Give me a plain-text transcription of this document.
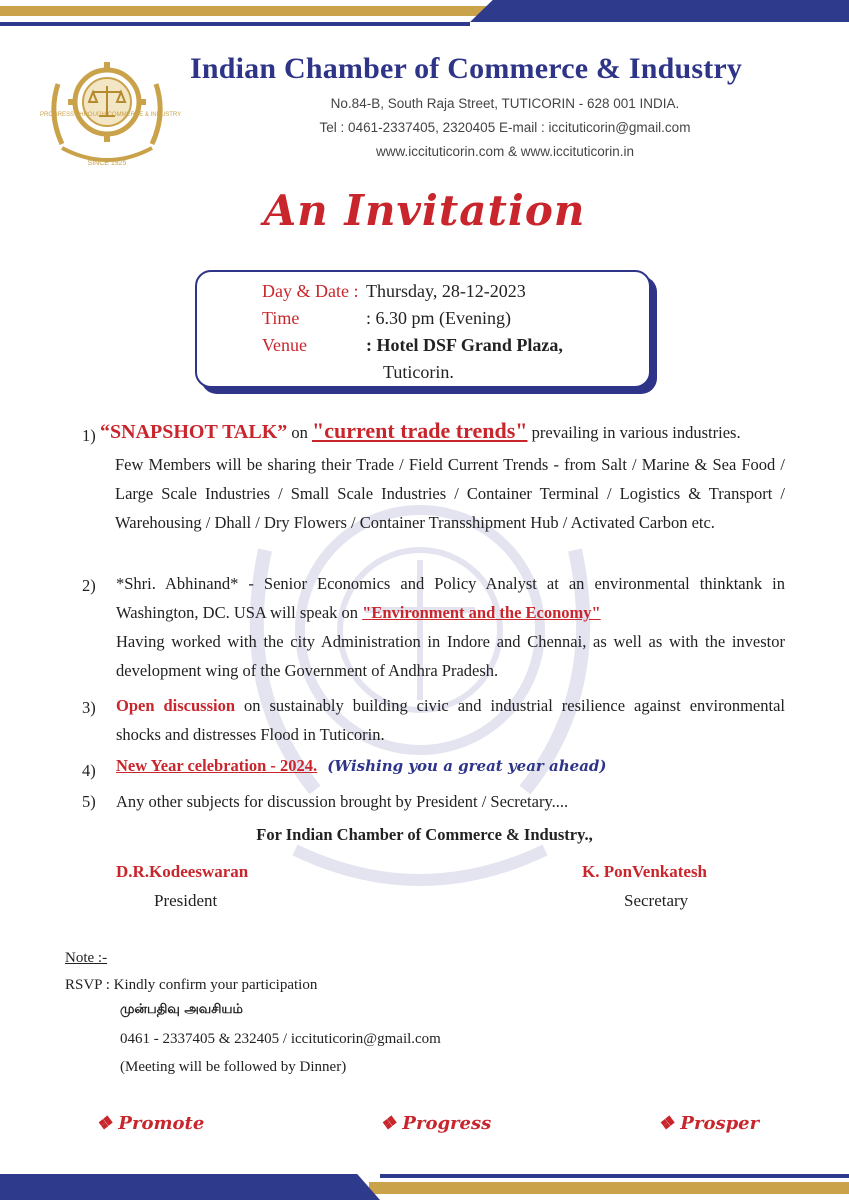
PROGRESS THROUGH COMMERCE & INDUSTRY
SINCE 1925
Indian Chamber of Commerce & Industry
No.84-B, South Raja Street, TUTICORIN - 628 001 INDIA.
Tel : 0461-2337405, 2320405 E-mail : iccituticorin@gmail.com
www.iccituticorin.com & www.iccituticorin.in
An Invitation
Day & Date : Thursday, 28-12-2023
Time	: 6.30 pm (Evening)
Venue	: Hotel DSF Grand Plaza,
Tuticorin.
1) “SNAPSHOT TALK” on "current trade trends" prevailing in various industries.
Few Members will be sharing their Trade / Field Current Trends - from Salt / Marine & Sea Food / Large Scale Industries / Small Scale Industries / Container Terminal / Logistics & Transport / Warehousing / Dhall / Dry Flowers / Container Transshipment Hub / Activated Carbon etc.
2) *Shri. Abhinand* - Senior Economics and Policy Analyst at an environmental thinktank in Washington, DC. USA will speak on "Environment and the Economy"
Having worked with the city Administration in Indore and Chennai, as well as with the investor development wing of the Government of Andhra Pradesh.
3) Open discussion on sustainably building civic and industrial resilience against environmental shocks and distresses Flood in Tuticorin.
4) New Year celebration - 2024. (Wishing you a great year ahead)
5) Any other subjects for discussion brought by President / Secretary....
For Indian Chamber of Commerce & Industry.,
D.R.Kodeeswaran
President
K. PonVenkatesh
Secretary
Note :-
RSVP : Kindly confirm your participation
முன்பதிவு அவசியம்
0461 - 2337405 & 232405 / iccituticorin@gmail.com
(Meeting will be followed by Dinner)
❖ Promote	❖ Progress	❖ Prosper
